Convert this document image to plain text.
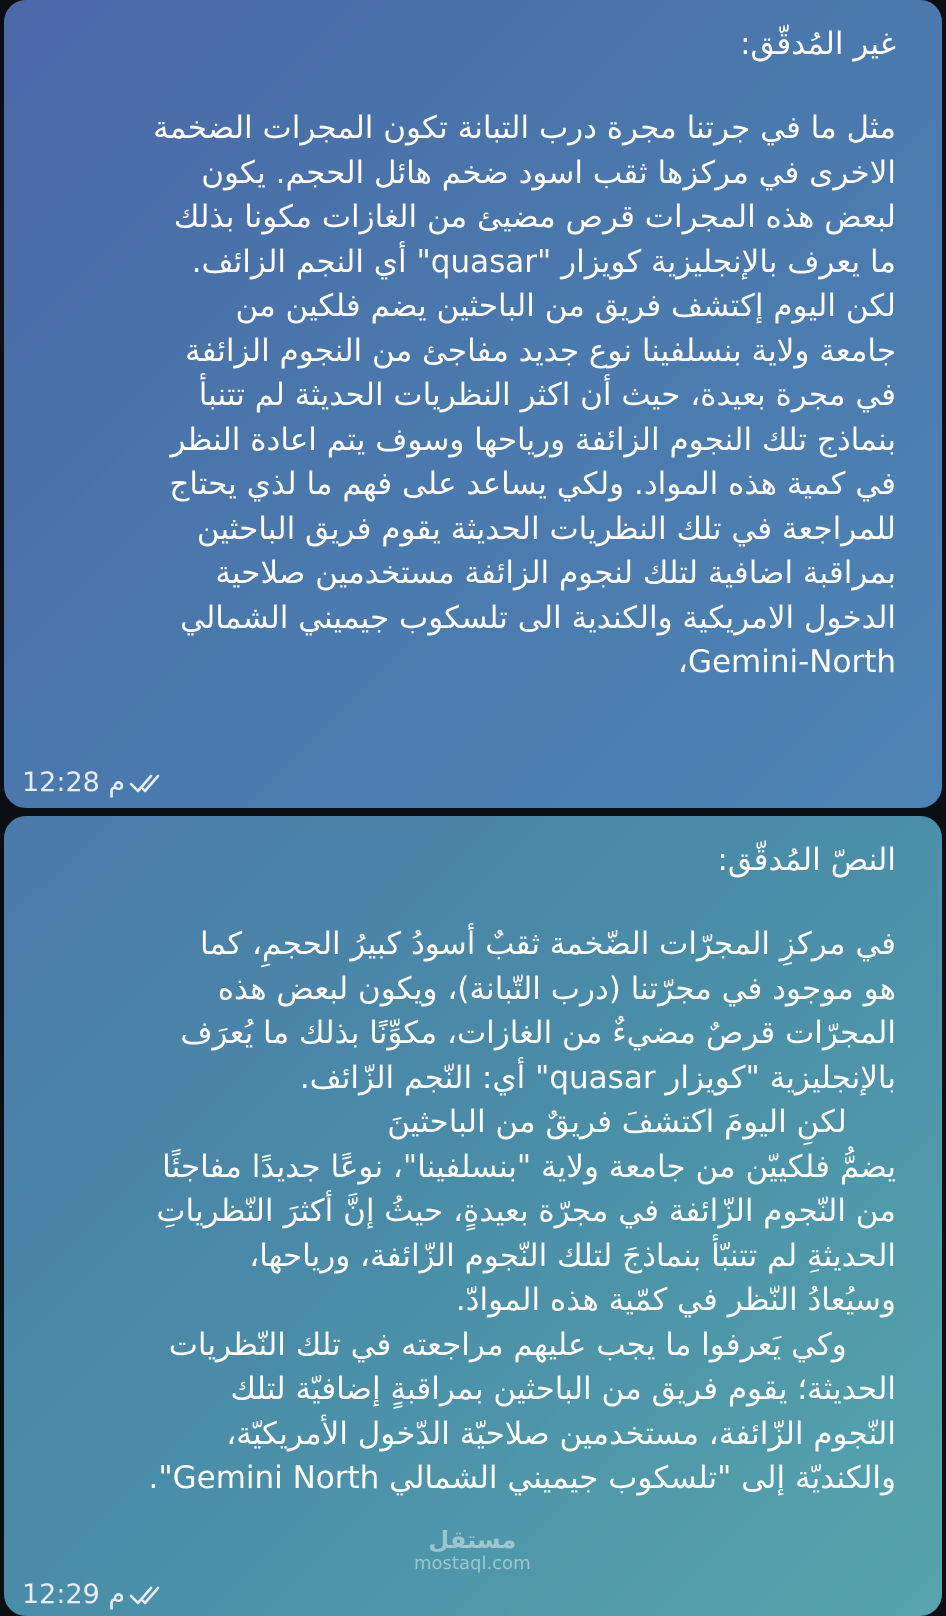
غير المُدقّق:

مثل ما في جرتنا مجرة درب التبانة تكون المجرات الضخمة
الاخرى في مركزها ثقب اسود ضخم هائل الحجم. يكون
لبعض هذه المجرات قرص مضيئ من الغازات مكونا بذلك
ما يعرف بالإنجليزية كويزار "quasar" أي النجم الزائف.
لكن اليوم إكتشف فريق من الباحثين يضم فلكين من
جامعة ولاية بنسلفينا نوع جديد مفاجئ من النجوم الزائفة
في مجرة بعيدة، حيث أن اكثر النظريات الحديثة لم تتنبأ
بنماذج تلك النجوم الزائفة ورياحها وسوف يتم اعادة النظر
في كمية هذه المواد. ولكي يساعد على فهم ما لذي يحتاج
للمراجعة في تلك النظريات الحديثة يقوم فريق الباحثين
بمراقبة اضافية لتلك لنجوم الزائفة مستخدمين صلاحية
الدخول الامريكية والكندية الى تلسكوب جيميني الشمالي
Gemini-North،

12:28 م

النصّ المُدقّق:

في مركزِ المجرّات الضّخمة ثقبٌ أسودُ كبيرُ الحجمِ، كما
هو موجود في مجرّتنا (درب التّبانة)، ويكون لبعض هذه
المجرّات قرصٌ مضيءٌ من الغازات، مكوِّنًا بذلك ما يُعرَف
بالإنجليزية "كويزار quasar" أي: النّجم الزّائف.
لكنِ اليومَ اكتشفَ فريقٌ من الباحثينَ
يضمُّ فلكييّن من جامعة ولاية "بنسلفينا"، نوعًا جديدًا مفاجئًا
من النّجوم الزّائفة في مجرّة بعيدةٍ، حيثُ إنَّ أكثرَ النّظرياتِ
الحديثةِ لم تتنبّأ بنماذجَ لتلك النّجوم الزّائفة، ورياحها،
وسيُعادُ النّظر في كمّية هذه الموادّ.
وكي يَعرفوا ما يجب عليهم مراجعته في تلك النّظريات
الحديثة؛ يقوم فريق من الباحثين بمراقبةٍ إضافيّة لتلك
النّجوم الزّائفة، مستخدمين صلاحيّة الدّخول الأمريكيّة،
والكنديّة إلى "تلسكوب جيميني الشمالي Gemini North".

مستقل
mostaql.com
12:29 م
